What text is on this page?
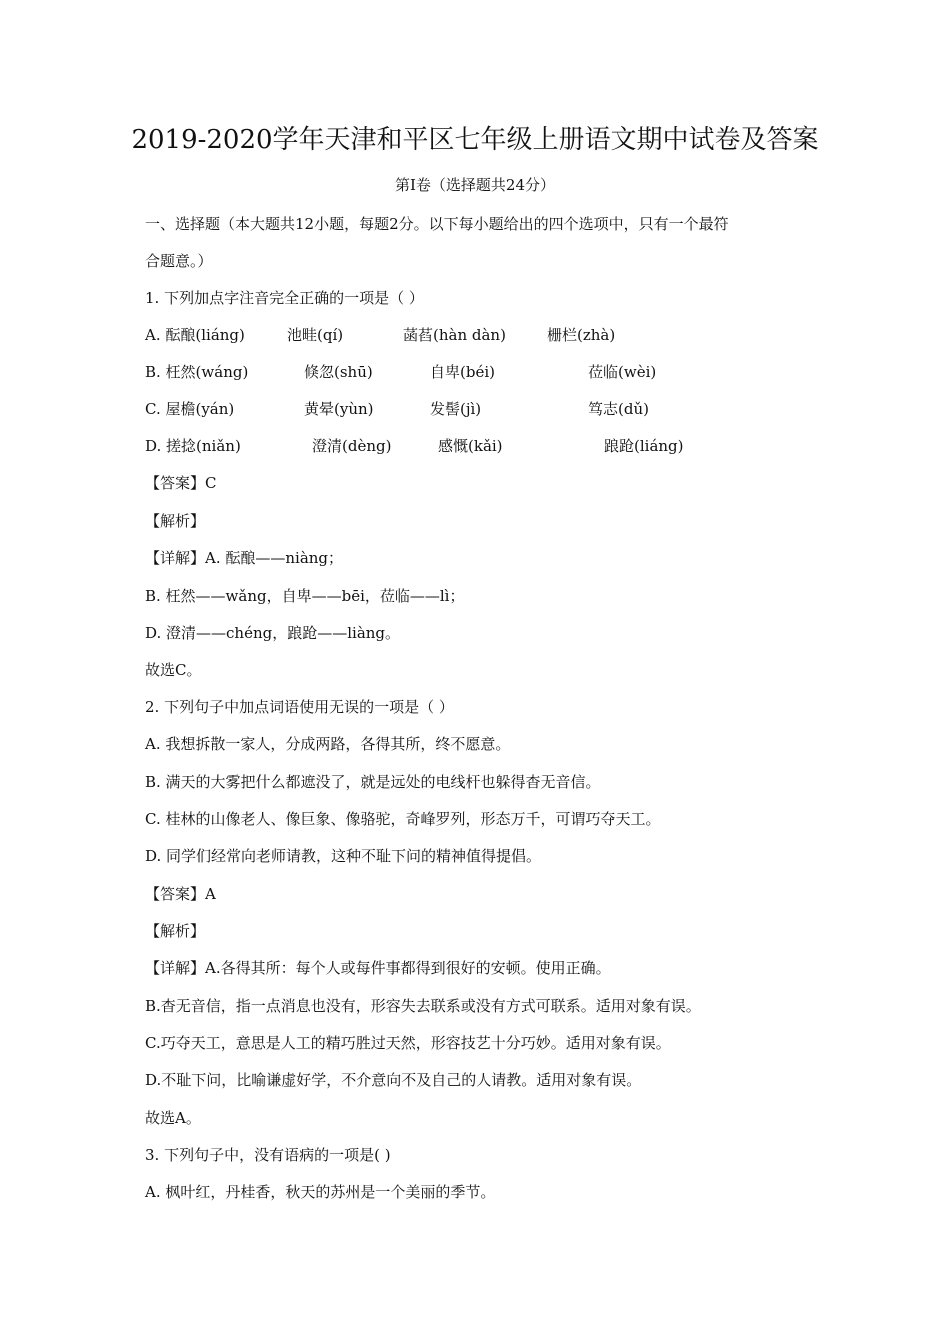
2019-2020学年天津和平区七年级上册语文期中试卷及答案
第Ⅰ卷（选择题共24分）
一、选择题（本大题共12小题，每题2分。以下每小题给出的四个选项中，只有一个最符
合题意。）
1. 下列加点字注音完全正确的一项是（ ）
A. 酝酿(liáng)	池畦(qí)	菡萏(hàn dàn)	栅栏(zhà)
B. 枉然(wáng)	倏忽(shū)	自卑(béi)	莅临(wèi)
C. 屋檐(yán)	黄晕(yùn)	发髻(jì)	笃志(dǔ)
D. 搓捻(niǎn)	澄清(dèng)	感慨(kǎi)	踉跄(liáng)
【答案】C
【解析】
【详解】A. 酝酿——niàng；
B. 枉然——wǎng，自卑——bēi，莅临——lì；
D. 澄清——chéng，踉跄——liàng。
故选C。
2. 下列句子中加点词语使用无误的一项是（ ）
A. 我想拆散一家人，分成两路，各得其所，终不愿意。
B. 满天的大雾把什么都遮没了，就是远处的电线杆也躲得杳无音信。
C. 桂林的山像老人、像巨象、像骆驼，奇峰罗列，形态万千，可谓巧夺天工。
D. 同学们经常向老师请教，这种不耻下问的精神值得提倡。
【答案】A
【解析】
【详解】A.各得其所：每个人或每件事都得到很好的安顿。使用正确。
B.杳无音信，指一点消息也没有，形容失去联系或没有方式可联系。适用对象有误。
C.巧夺天工，意思是人工的精巧胜过天然，形容技艺十分巧妙。适用对象有误。
D.不耻下问，比喻谦虚好学，不介意向不及自己的人请教。适用对象有误。
故选A。
3. 下列句子中，没有语病的一项是( )
A. 枫叶红，丹桂香，秋天的苏州是一个美丽的季节。
